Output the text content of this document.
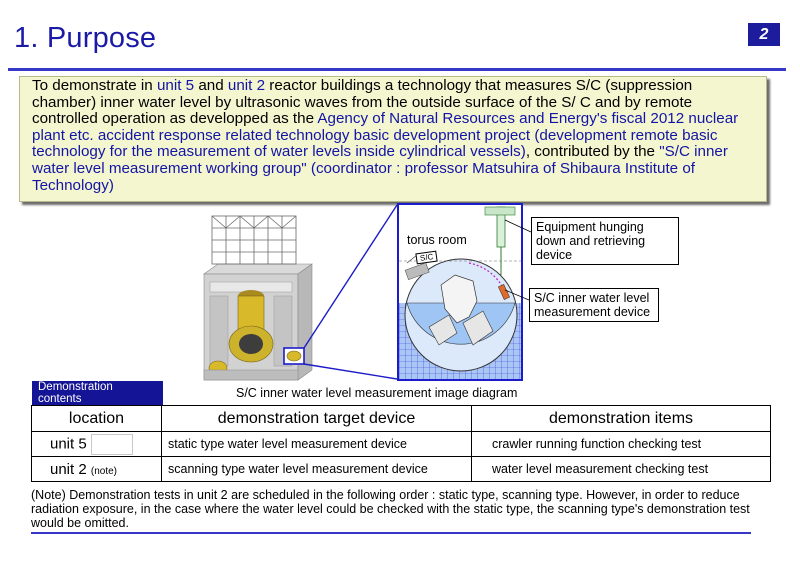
1. Purpose	2
To demonstrate in unit 5 and unit 2 reactor buildings a technology that measures S/C (suppression chamber) inner water level by ultrasonic waves from the outside surface of the S/ C and by remote controlled operation as developped as the Agency of Natural Resources and Energy's fiscal 2012 nuclear plant etc. accident response related technology basic development project (development remote basic technology for the measurement of water levels inside cylindrical vessels), contributed by the "S/C inner water level measurement working group" (coordinator : professor Matsuhira of Shibaura Institute of Technology)
torus room
S/C
Equipment hunging down and retrieving device
S/C inner water level measurement device
S/C inner water level measurement image diagram
Demonstration contents
location	demonstration target device	demonstration items
unit 5	static type water level measurement device	crawler running function checking test
unit 2 (note)	scanning type water level measurement device	water level measurement checking test
(Note) Demonstration tests in unit 2 are scheduled in the following order : static type, scanning type. However, in order to reduce radiation exposure, in the case where the water level could be checked with the static type, the scanning type's demonstration test would be omitted.
